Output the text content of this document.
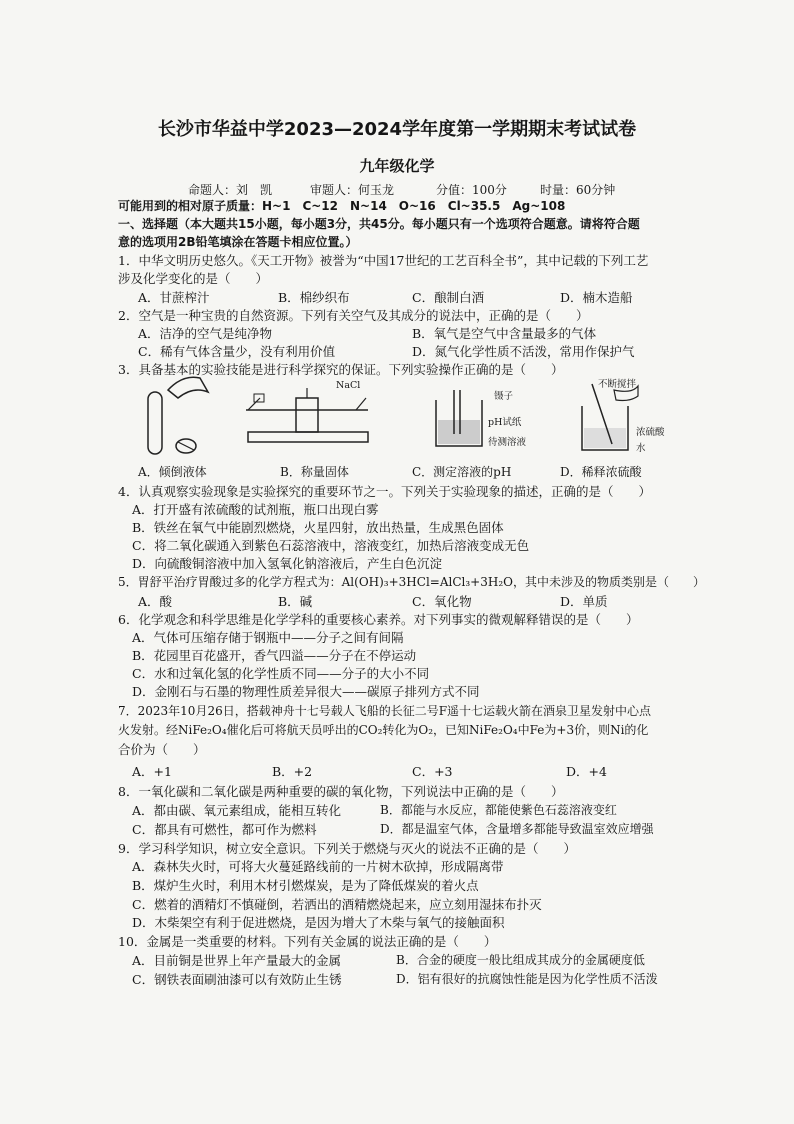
长沙市华益中学2023—2024学年度第一学期期末考试试卷
九年级化学
命题人：刘　凯	审题人：何玉龙	分值：100分	时量：60分钟
可能用到的相对原子质量：H~1　C~12　N~14　O~16　Cl~35.5　Ag~108
一、选择题（本大题共15小题，每小题3分，共45分。每小题只有一个选项符合题意。请将符合题
意的选项用2B铅笔填涂在答题卡相应位置。）
1．中华文明历史悠久。《天工开物》被誉为“中国17世纪的工艺百科全书”，其中记载的下列工艺
涉及化学变化的是（　　）
A．甘蔗榨汁	B．棉纱织布	C．酿制白酒	D．楠木造船
2．空气是一种宝贵的自然资源。下列有关空气及其成分的说法中，正确的是（　　）
A．洁净的空气是纯净物	B．氧气是空气中含量最多的气体
C．稀有气体含量少，没有利用价值	D．氮气化学性质不活泼，常用作保护气
3．具备基本的实验技能是进行科学探究的保证。下列实验操作正确的是（　　）
A．倾倒液体
NaCl
B．称量固体
镊子
pH试纸
待测溶液
C．测定溶液的pH
不断搅拌
浓硫酸
水
D．稀释浓硫酸
4．认真观察实验现象是实验探究的重要环节之一。下列关于实验现象的描述，正确的是（　　）
A．打开盛有浓硫酸的试剂瓶，瓶口出现白雾
B．铁丝在氧气中能剧烈燃烧，火星四射，放出热量，生成黑色固体
C．将二氧化碳通入到紫色石蕊溶液中，溶液变红，加热后溶液变成无色
D．向硫酸铜溶液中加入氢氧化钠溶液后，产生白色沉淀
5．胃舒平治疗胃酸过多的化学方程式为：Al(OH)₃+3HCl=AlCl₃+3H₂O，其中未涉及的物质类别是（　　）
A．酸	B．碱	C．氧化物	D．单质
6．化学观念和科学思维是化学学科的重要核心素养。对下列事实的微观解释错误的是（　　）
A．气体可压缩存储于钢瓶中——分子之间有间隔
B．花园里百花盛开，香气四溢——分子在不停运动
C．水和过氧化氢的化学性质不同——分子的大小不同
D．金刚石与石墨的物理性质差异很大——碳原子排列方式不同
7．2023年10月26日，搭载神舟十七号载人飞船的长征二号F遥十七运载火箭在酒泉卫星发射中心点
火发射。经NiFe₂O₄催化后可将航天员呼出的CO₂转化为O₂，已知NiFe₂O₄中Fe为+3价，则Ni的化
合价为（　　）
A．+1	B．+2	C．+3	D．+4
8．一氧化碳和二氧化碳是两种重要的碳的氧化物，下列说法中正确的是（　　）
A．都由碳、氧元素组成，能相互转化	B．都能与水反应，都能使紫色石蕊溶液变红
C．都具有可燃性，都可作为燃料	D．都是温室气体，含量增多都能导致温室效应增强
9．学习科学知识，树立安全意识。下列关于燃烧与灭火的说法不正确的是（　　）
A．森林失火时，可将大火蔓延路线前的一片树木砍掉，形成隔离带
B．煤炉生火时，利用木材引燃煤炭，是为了降低煤炭的着火点
C．燃着的酒精灯不慎碰倒，若洒出的酒精燃烧起来，应立刻用湿抹布扑灭
D．木柴架空有利于促进燃烧，是因为增大了木柴与氧气的接触面积
10．金属是一类重要的材料。下列有关金属的说法正确的是（　　）
A．目前铜是世界上年产量最大的金属	B．合金的硬度一般比组成其成分的金属硬度低
C．钢铁表面刷油漆可以有效防止生锈	D．铝有很好的抗腐蚀性能是因为化学性质不活泼
